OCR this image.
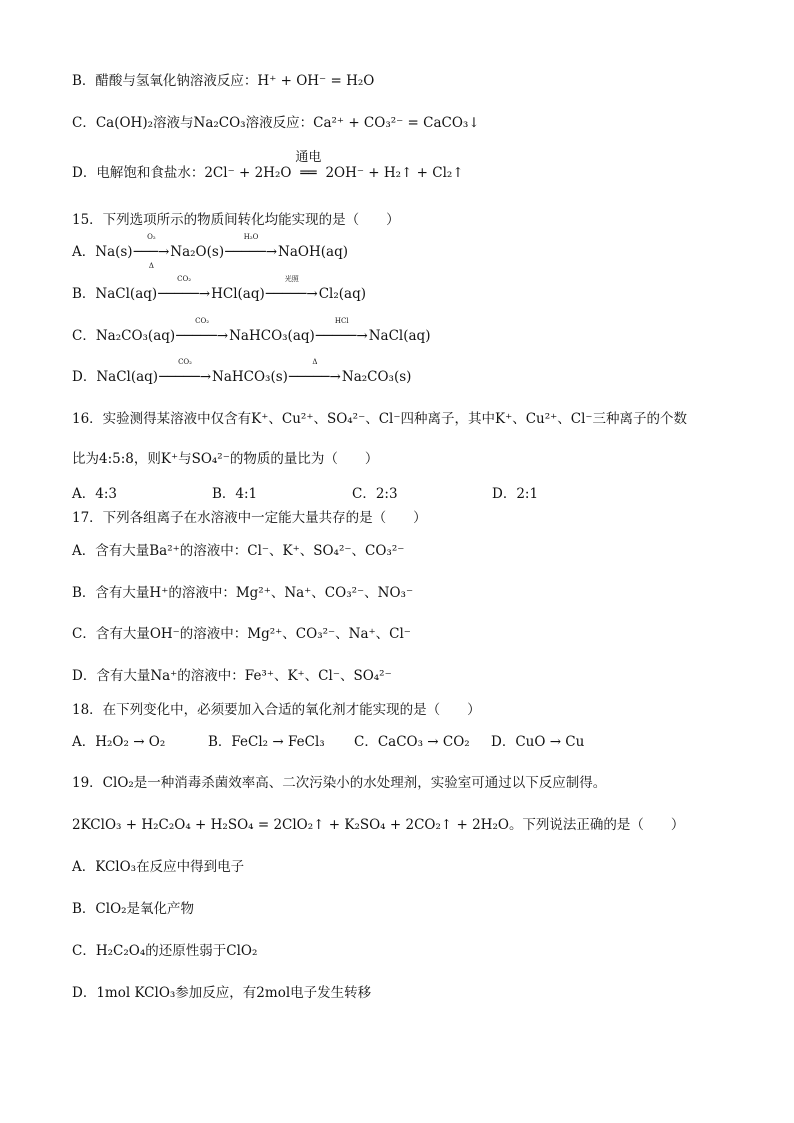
B．醋酸与氢氧化钠溶液反应：H⁺ + OH⁻ = H₂O
C．Ca(OH)₂溶液与Na₂CO₃溶液反应：Ca²⁺ + CO₃²⁻ = CaCO₃↓
D．电解饱和食盐水：2Cl⁻ + 2H₂O
通电
══ 2OH⁻ + H₂↑ + Cl₂↑
15．下列选项所示的物质间转化均能实现的是（　　）
A．Na(s)
O₂
Δ
───→Na₂O(s)
H₂O
─────→NaOH(aq)
B．NaCl(aq)
CO₂
─────→HCl(aq)
光照
─────→Cl₂(aq)
C．Na₂CO₃(aq)
CO₂
─────→NaHCO₃(aq)
HCl
─────→NaCl(aq)
D．NaCl(aq)
CO₂
─────→NaHCO₃(s)
Δ
─────→Na₂CO₃(s)
16．实验测得某溶液中仅含有K⁺、Cu²⁺、SO₄²⁻、Cl⁻四种离子，其中K⁺、Cu²⁺、Cl⁻三种离子的个数
比为4:5:8，则K⁺与SO₄²⁻的物质的量比为（　　）
A．4:3	B．4:1	C．2:3	D．2:1
17．下列各组离子在水溶液中一定能大量共存的是（　　）
A．含有大量Ba²⁺的溶液中：Cl⁻、K⁺、SO₄²⁻、CO₃²⁻
B．含有大量H⁺的溶液中：Mg²⁺、Na⁺、CO₃²⁻、NO₃⁻
C．含有大量OH⁻的溶液中：Mg²⁺、CO₃²⁻、Na⁺、Cl⁻
D．含有大量Na⁺的溶液中：Fe³⁺、K⁺、Cl⁻、SO₄²⁻
18．在下列变化中，必须要加入合适的氧化剂才能实现的是（　　）
A．H₂O₂ → O₂	B．FeCl₂ → FeCl₃ C．CaCO₃ → CO₂ D．CuO → Cu
19．ClO₂是一种消毒杀菌效率高、二次污染小的水处理剂，实验室可通过以下反应制得。
2KClO₃ + H₂C₂O₄ + H₂SO₄ = 2ClO₂↑ + K₂SO₄ + 2CO₂↑ + 2H₂O。下列说法正确的是（　　）
A．KClO₃在反应中得到电子
B．ClO₂是氧化产物
C．H₂C₂O₄的还原性弱于ClO₂
D．1mol KClO₃参加反应，有2mol电子发生转移
